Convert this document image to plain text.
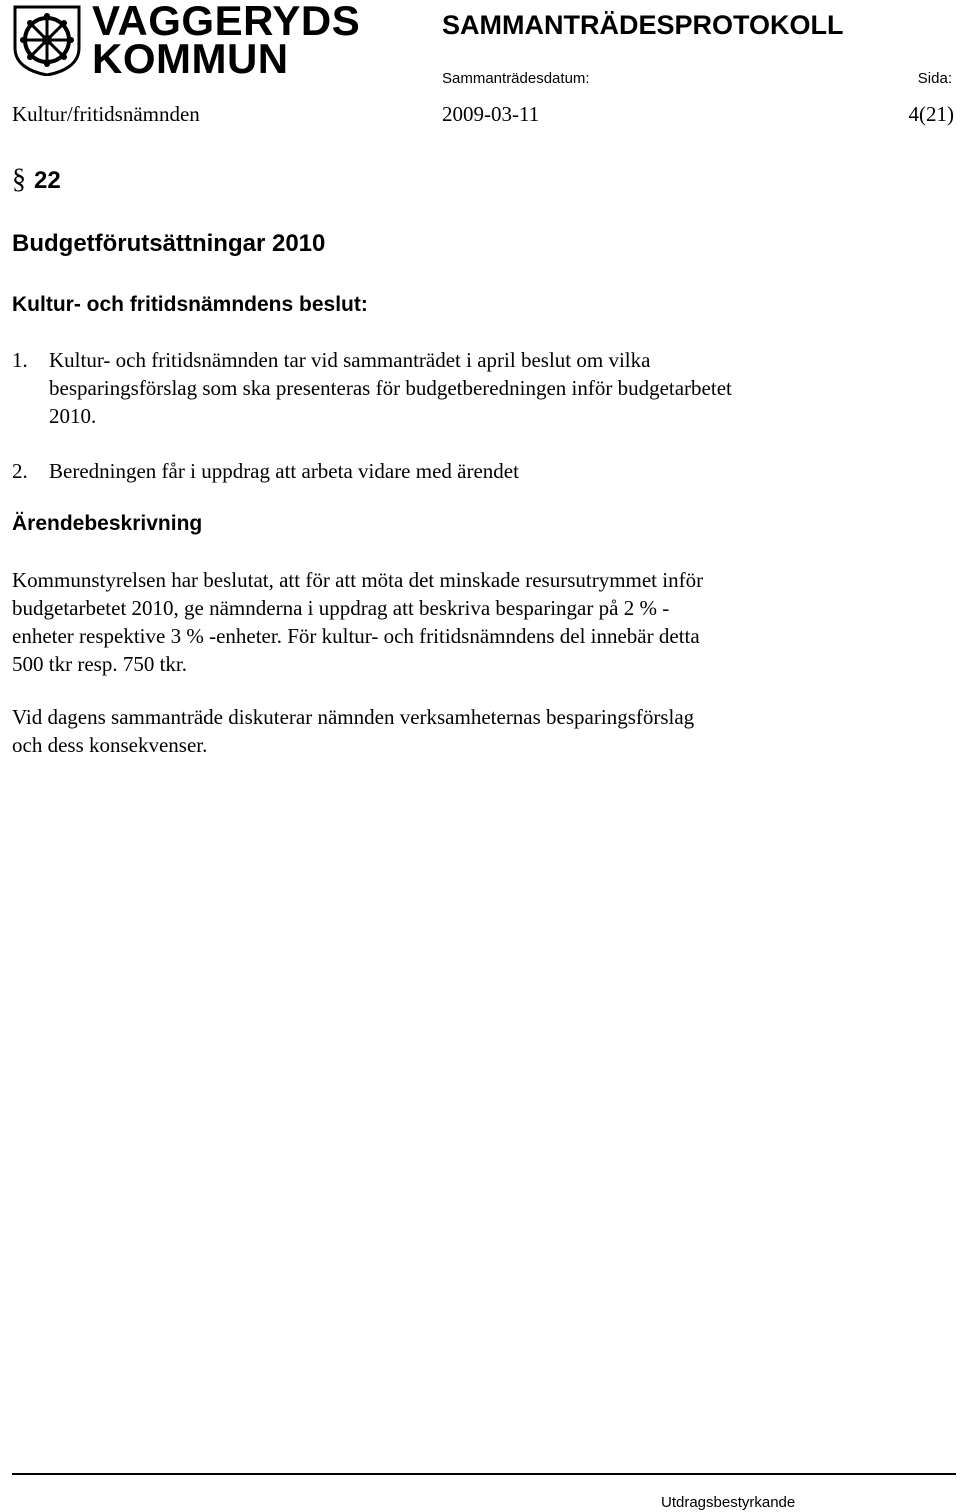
VAGGERYDS
KOMMUN
SAMMANTRÄDESPROTOKOLL
Sammanträdesdatum:	Sida:
Kultur/fritidsnämnden	2009-03-11	4(21)
§ 22
Budgetförutsättningar 2010
Kultur- och fritidsnämndens beslut:
1. Kultur- och fritidsnämnden tar vid sammanträdet i april beslut om vilka besparingsförslag som ska presenteras för budgetberedningen inför budgetarbetet 2010.
2. Beredningen får i uppdrag att arbeta vidare med ärendet
Ärendebeskrivning
Kommunstyrelsen har beslutat, att för att möta det minskade resursutrymmet inför budgetarbetet 2010, ge nämnderna i uppdrag att beskriva besparingar på 2 % -enheter respektive 3 % -enheter. För kultur- och fritidsnämndens del innebär detta 500 tkr resp. 750 tkr.
Vid dagens sammanträde diskuterar nämnden verksamheternas besparingsförslag och dess konsekvenser.
Utdragsbestyrkande
